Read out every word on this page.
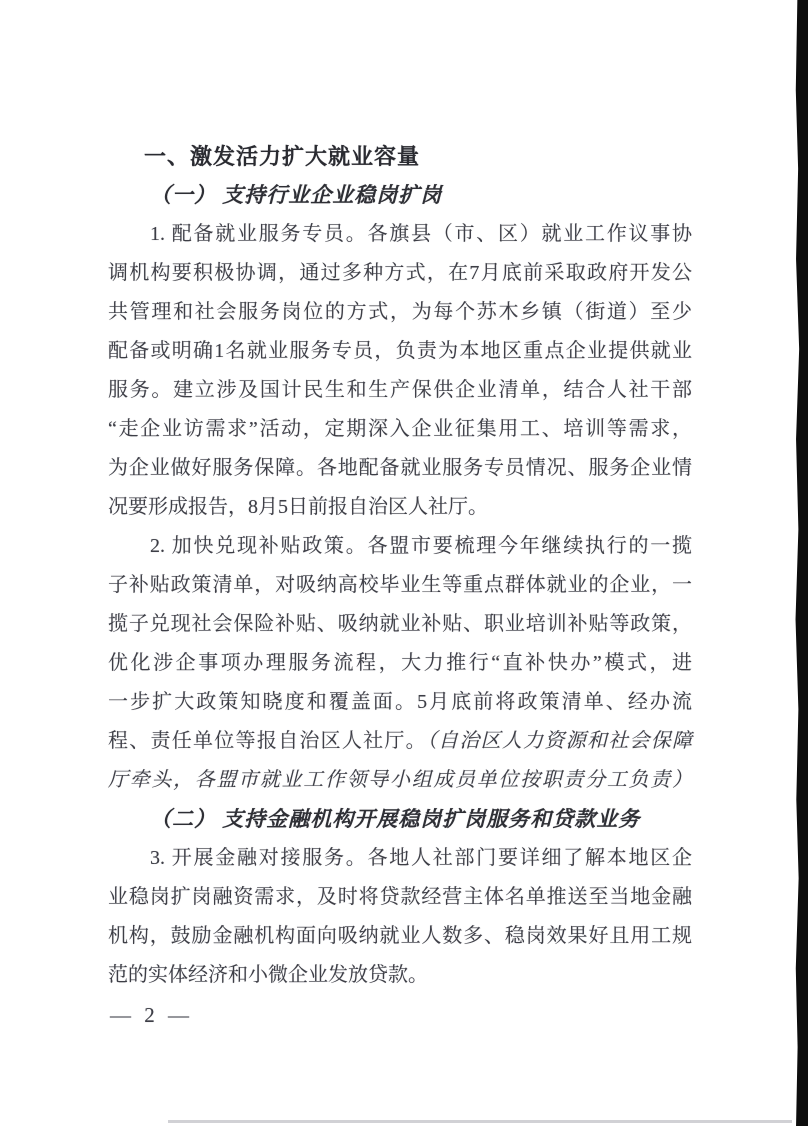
一、激发活力扩大就业容量
（一） 支持行业企业稳岗扩岗
1. 配备就业服务专员。各旗县（市、区）就业工作议事协
调机构要积极协调，通过多种方式，在7月底前采取政府开发公
共管理和社会服务岗位的方式，为每个苏木乡镇（街道）至少
配备或明确1名就业服务专员，负责为本地区重点企业提供就业
服务。建立涉及国计民生和生产保供企业清单，结合人社干部
“走企业访需求”活动，定期深入企业征集用工、培训等需求，
为企业做好服务保障。各地配备就业服务专员情况、服务企业情
况要形成报告，8月5日前报自治区人社厅。
2. 加快兑现补贴政策。各盟市要梳理今年继续执行的一揽
子补贴政策清单，对吸纳高校毕业生等重点群体就业的企业，一
揽子兑现社会保险补贴、吸纳就业补贴、职业培训补贴等政策，
优化涉企事项办理服务流程，大力推行“直补快办”模式，进
一步扩大政策知晓度和覆盖面。5月底前将政策清单、经办流
程、责任单位等报自治区人社厅。（自治区人力资源和社会保障
厅牵头，各盟市就业工作领导小组成员单位按职责分工负责）
（二） 支持金融机构开展稳岗扩岗服务和贷款业务
3. 开展金融对接服务。各地人社部门要详细了解本地区企
业稳岗扩岗融资需求，及时将贷款经营主体名单推送至当地金融
机构，鼓励金融机构面向吸纳就业人数多、稳岗效果好且用工规
范的实体经济和小微企业发放贷款。
— 2 —
